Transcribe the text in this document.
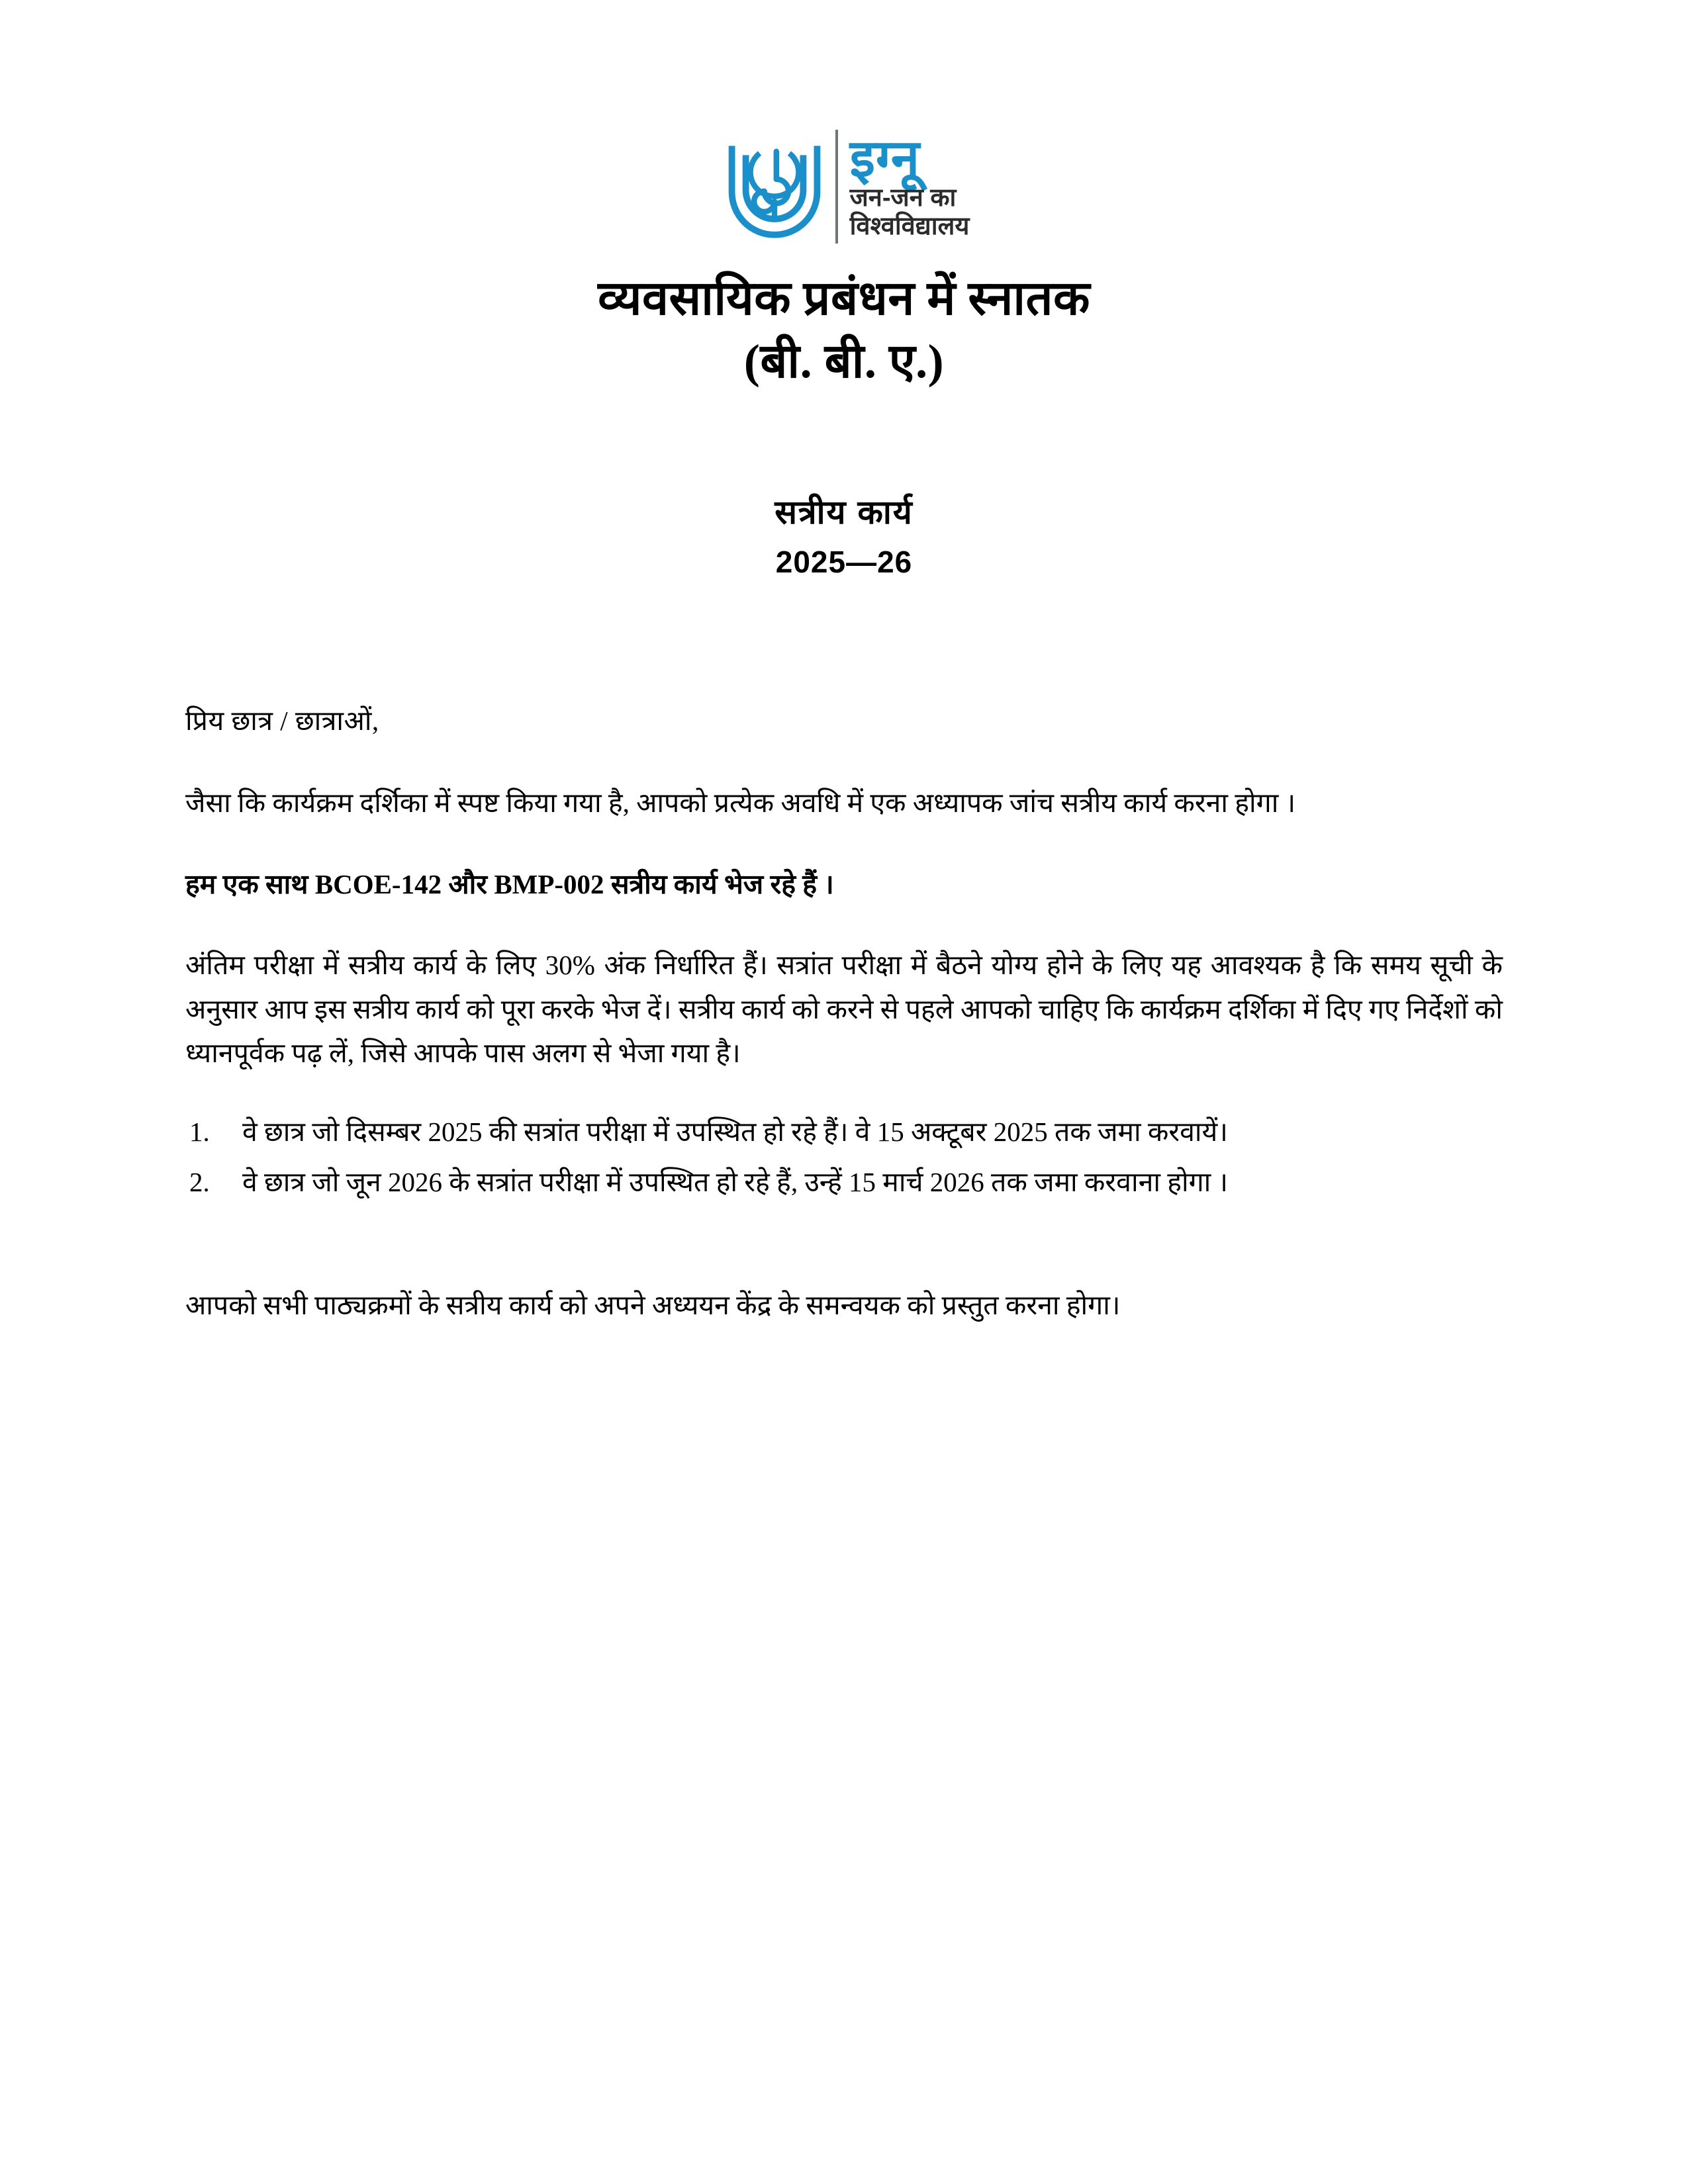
इग्नू
जन-जन का
विश्वविद्यालय
व्यवसायिक प्रबंधन में स्नातक
(बी. बी. ए.)
सत्रीय कार्य
2025—26

प्रिय छात्र / छात्राओं,

जैसा कि कार्यक्रम दर्शिका में स्पष्ट किया गया है, आपको प्रत्येक अवधि में एक अध्यापक जांच सत्रीय कार्य करना होगा ।

हम एक साथ BCOE-142 और BMP-002 सत्रीय कार्य भेज रहे हैं ।

अंतिम परीक्षा में सत्रीय कार्य के लिए 30% अंक निर्धारित हैं। सत्रांत परीक्षा में बैठने योग्य होने के लिए यह आवश्यक है कि समय सूची के अनुसार आप इस सत्रीय कार्य को पूरा करके भेज दें। सत्रीय कार्य को करने से पहले आपको चाहिए कि कार्यक्रम दर्शिका में दिए गए निर्देशों को ध्यानपूर्वक पढ़ लें, जिसे आपके पास अलग से भेजा गया है।

1.	वे छात्र जो दिसम्बर 2025 की सत्रांत परीक्षा में उपस्थित हो रहे हैं। वे 15 अक्टूबर 2025 तक जमा करवायें।
2.	वे छात्र जो जून 2026 के सत्रांत परीक्षा में उपस्थित हो रहे हैं, उन्हें 15 मार्च 2026 तक जमा करवाना होगा ।

आपको सभी पाठ्यक्रमों के सत्रीय कार्य को अपने अध्ययन केंद्र के समन्वयक को प्रस्तुत करना होगा।
